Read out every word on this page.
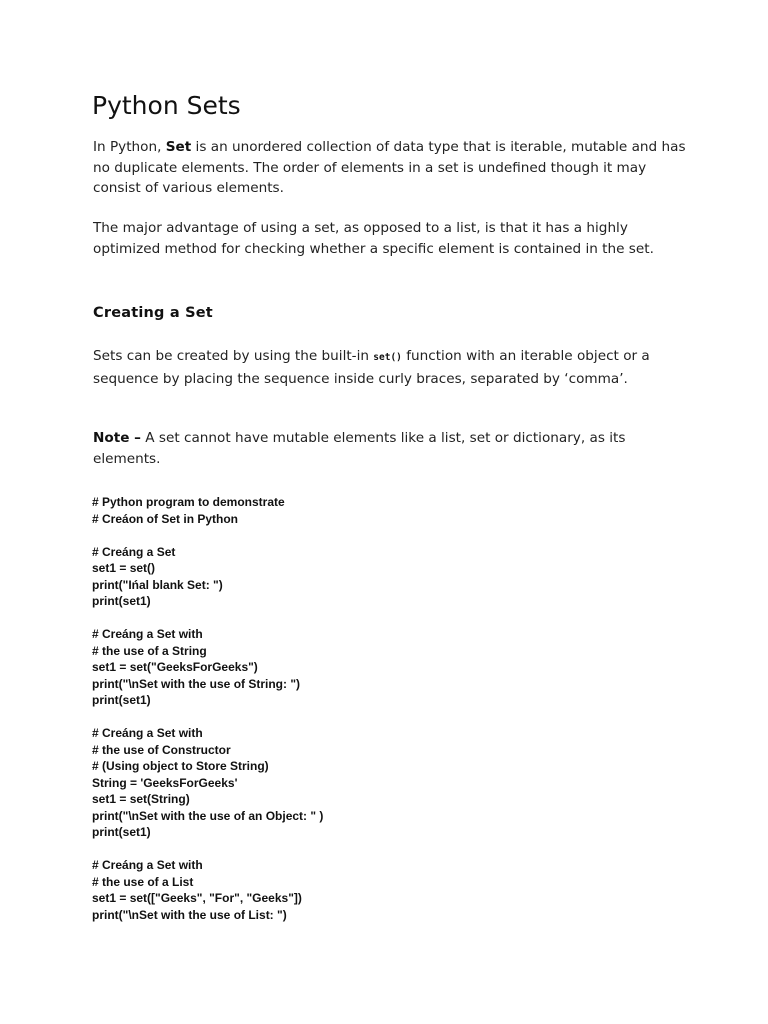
Python Sets

In Python, Set is an unordered collection of data type that is iterable, mutable and has no duplicate elements. The order of elements in a set is undefined though it may consist of various elements.

The major advantage of using a set, as opposed to a list, is that it has a highly optimized method for checking whether a specific element is contained in the set.

Creating a Set

Sets can be created by using the built-in set() function with an iterable object or a sequence by placing the sequence inside curly braces, separated by ‘comma’.

Note – A set cannot have mutable elements like a list, set or dictionary, as its elements.

# Python program to demonstrate
# Creáon of Set in Python
# Creáng a Set
set1 = set()
print("Ińal blank Set: ")
print(set1)
# Creáng a Set with
# the use of a String
set1 = set("GeeksForGeeks")
print("\nSet with the use of String: ")
print(set1)
# Creáng a Set with
# the use of Constructor
# (Using object to Store String)
String = 'GeeksForGeeks'
set1 = set(String)
print("\nSet with the use of an Object: " )
print(set1)
# Creáng a Set with
# the use of a List
set1 = set(["Geeks", "For", "Geeks"])
print("\nSet with the use of List: ")
